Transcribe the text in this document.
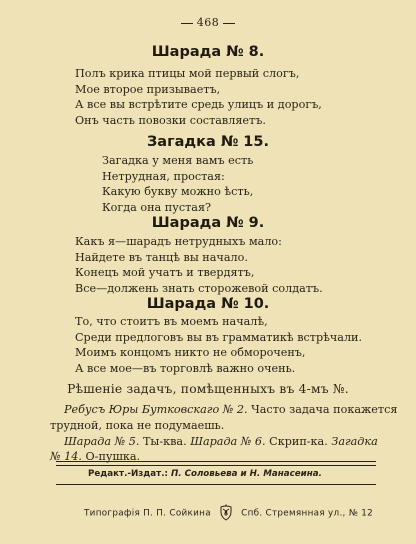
468
Шарада № 8.
Полъ крика птицы мой первый слогъ,
Мое второе призываетъ,
А все вы встрѣтите средь улицъ и дорогъ,
Онъ часть повозки составляетъ.
Загадка № 15.
Загадка у меня вамъ есть
Нетрудная, простая:
Какую букву можно ѣсть,
Когда она пустая?
Шарада № 9.
Какъ я—шарадъ нетрудныхъ мало:
Найдете въ танцѣ вы начало.
Конецъ мой учатъ и твердятъ,
Все—должень знать сторожевой солдатъ.
Шарада № 10.
То, что стоитъ въ моемъ началѣ,
Среди предлоговъ вы въ грамматикѣ встрѣчали.
Моимъ концомъ никто не обмороченъ,
А все мое—въ торговлѣ важно очень.
Рѣшеніе задачъ, помѣщенныхъ въ 4-мъ №.
Ребусъ Юры Бутковскаго № 2. Часто задача покажется
трудной, пока не подумаешь.
Шарада № 5. Ты-ква. Шарада № 6. Скрип-ка. Загадка
№ 14. О-пушка.
Редакт.-Издат.: П. Соловьева и Н. Манасеина.
Типографія П. П. Сойкина	Спб. Стремянная ул., № 12
